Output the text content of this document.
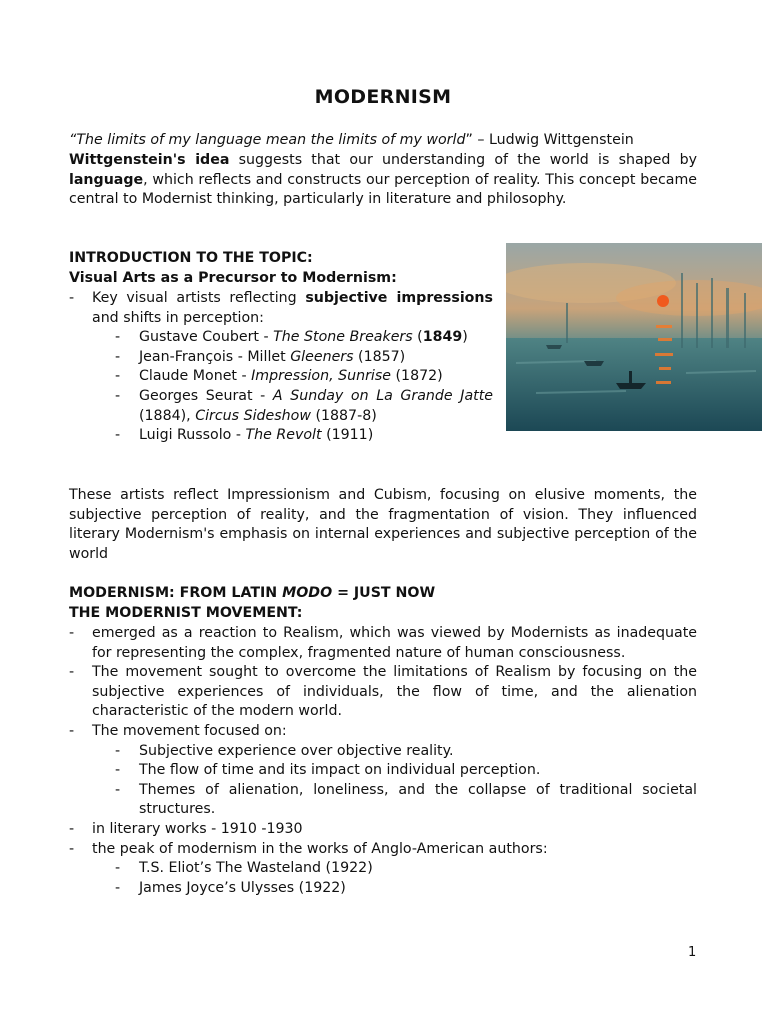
MODERNISM

“The limits of my language mean the limits of my world” – Ludwig Wittgenstein

Wittgenstein's idea suggests that our understanding of the world is shaped by language, which reflects and constructs our perception of reality. This concept became central to Modernist thinking, particularly in literature and philosophy.

INTRODUCTION TO THE TOPIC:

Visual Arts as a Precursor to Modernism:

- Key visual artists reflecting subjective impressions and shifts in perception:
- Gustave Coubert - The Stone Breakers (1849)
- Jean-François - Millet Gleeners (1857)
- Claude Monet - Impression, Sunrise (1872)
- Georges Seurat - A Sunday on La Grande Jatte (1884), Circus Sideshow (1887-8)
- Luigi Russolo - The Revolt (1911)

These artists reflect Impressionism and Cubism, focusing on elusive moments, the subjective perception of reality, and the fragmentation of vision. They influenced literary Modernism's emphasis on internal experiences and subjective perception of the world

MODERNISM: FROM LATIN MODO = JUST NOW

THE MODERNIST MOVEMENT:

- emerged as a reaction to Realism, which was viewed by Modernists as inadequate for representing the complex, fragmented nature of human consciousness.
- The movement sought to overcome the limitations of Realism by focusing on the subjective experiences of individuals, the flow of time, and the alienation characteristic of the modern world.
- The movement focused on:
- Subjective experience over objective reality.
- The flow of time and its impact on individual perception.
- Themes of alienation, loneliness, and the collapse of traditional societal structures.
- in literary works - 1910 -1930
- the peak of modernism in the works of Anglo-American authors:
- T.S. Eliot’s The Wasteland (1922)
- James Joyce’s Ulysses (1922)
1
